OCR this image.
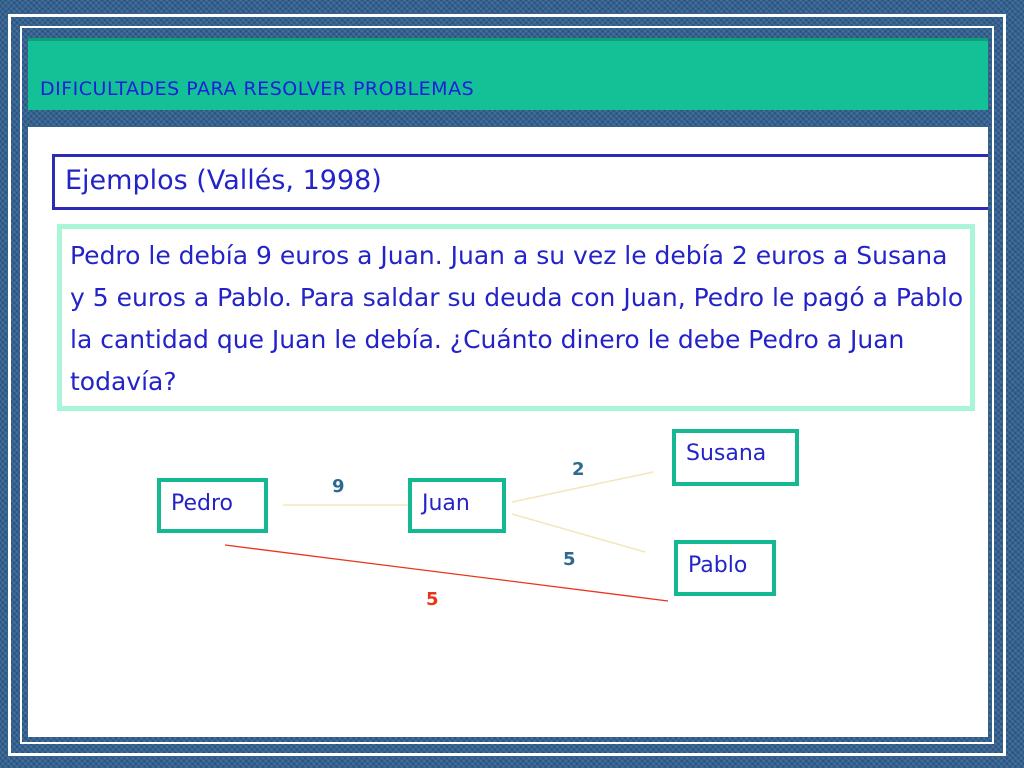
DIFICULTADES PARA RESOLVER PROBLEMAS
Ejemplos (Vallés, 1998)
Pedro le debía 9 euros a Juan. Juan a su vez le debía 2 euros a Susana y 5 euros a Pablo. Para saldar su deuda con Juan, Pedro le pagó a Pablo la cantidad que Juan le debía. ¿Cuánto dinero le debe Pedro a Juan todavía?
Pedro	Juan
Susana
Pablo
9
2
5
5
